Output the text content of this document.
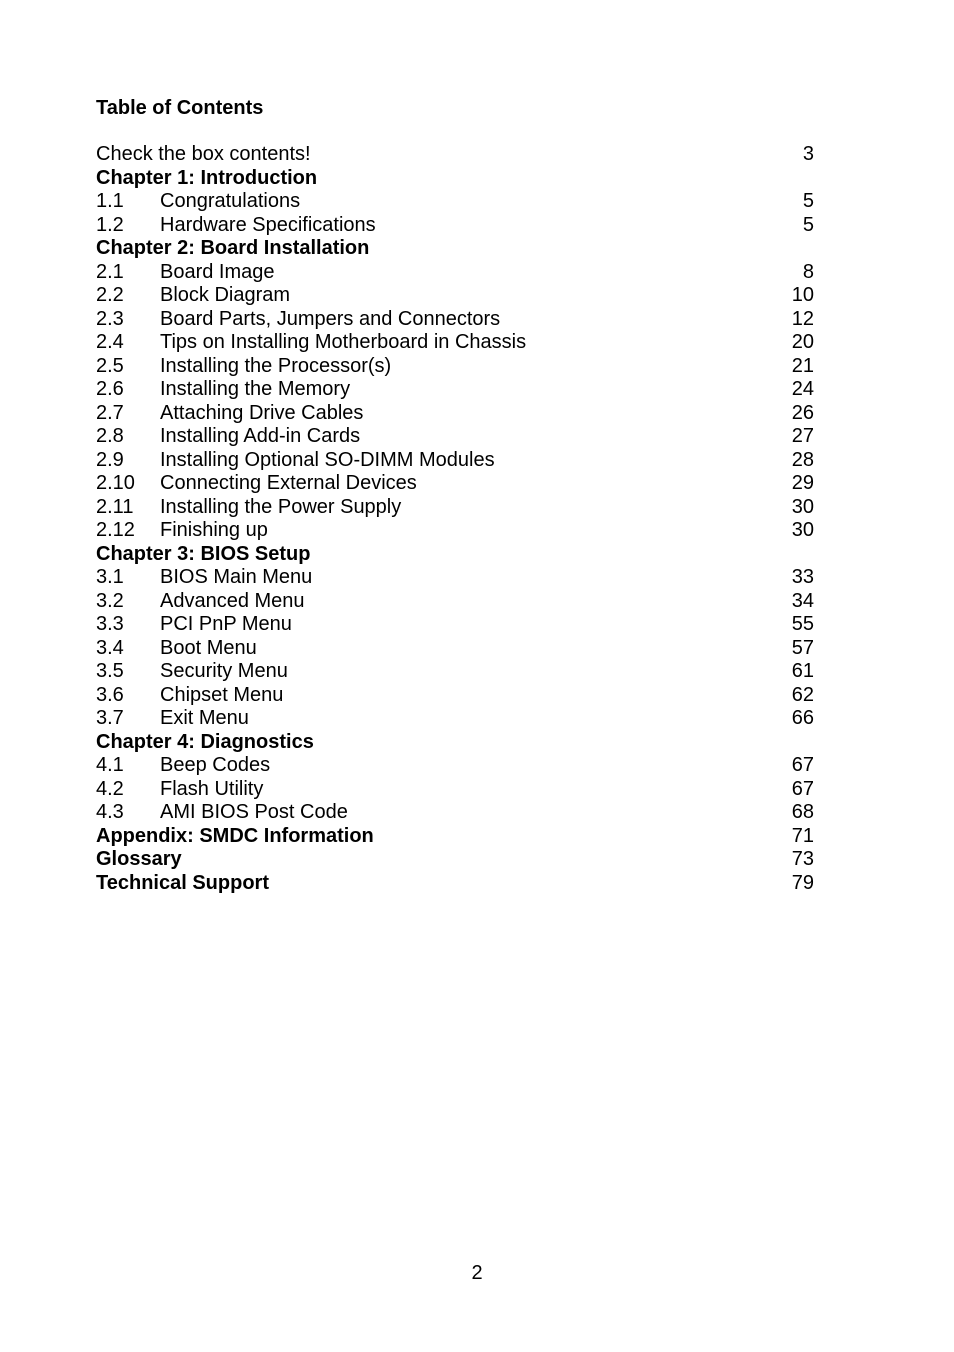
Table of Contents
Check the box contents!	3
Chapter 1: Introduction
1.1 Congratulations	5
1.2 Hardware Specifications	5
Chapter 2: Board Installation
2.1 Board Image	8
2.2 Block Diagram	10
2.3 Board Parts, Jumpers and Connectors	12
2.4 Tips on Installing Motherboard in Chassis	20
2.5 Installing the Processor(s)	21
2.6 Installing the Memory	24
2.7 Attaching Drive Cables	26
2.8 Installing Add-in Cards	27
2.9 Installing Optional SO-DIMM Modules	28
2.10 Connecting External Devices	29
2.11 Installing the Power Supply	30
2.12 Finishing up	30
Chapter 3: BIOS Setup
3.1 BIOS Main Menu	33
3.2 Advanced Menu	34
3.3 PCI PnP Menu	55
3.4 Boot Menu	57
3.5 Security Menu	61
3.6 Chipset Menu	62
3.7 Exit Menu	66
Chapter 4: Diagnostics
4.1 Beep Codes	67
4.2 Flash Utility	67
4.3 AMI BIOS Post Code	68
Appendix: SMDC Information	71
Glossary	73
Technical Support	79
2
